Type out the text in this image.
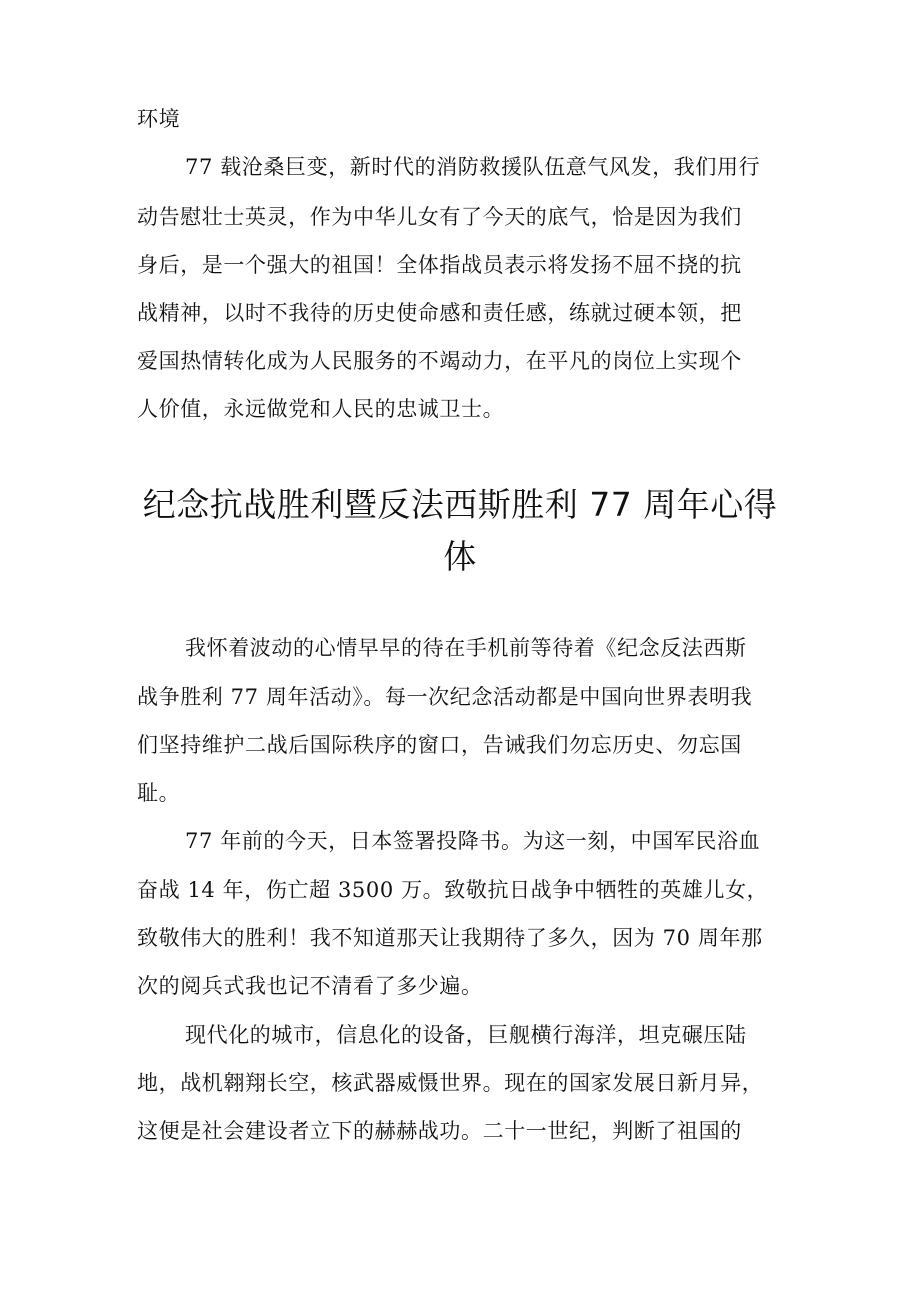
环境
77 载沧桑巨变，新时代的消防救援队伍意气风发，我们用行
动告慰壮士英灵，作为中华儿女有了今天的底气，恰是因为我们
身后，是一个强大的祖国！全体指战员表示将发扬不屈不挠的抗
战精神，以时不我待的历史使命感和责任感，练就过硬本领，把
爱国热情转化成为人民服务的不竭动力，在平凡的岗位上实现个
人价值，永远做党和人民的忠诚卫士。
纪念抗战胜利暨反法西斯胜利 77 周年心得
体
我怀着波动的心情早早的待在手机前等待着《纪念反法西斯
战争胜利 77 周年活动》。每一次纪念活动都是中国向世界表明我
们坚持维护二战后国际秩序的窗口，告诫我们勿忘历史、勿忘国
耻。
77 年前的今天，日本签署投降书。为这一刻，中国军民浴血
奋战 14 年，伤亡超 3500 万。致敬抗日战争中牺牲的英雄儿女，
致敬伟大的胜利！我不知道那天让我期待了多久，因为 70 周年那
次的阅兵式我也记不清看了多少遍。
现代化的城市，信息化的设备，巨舰横行海洋，坦克碾压陆
地，战机翱翔长空，核武器威慑世界。现在的国家发展日新月异，
这便是社会建设者立下的赫赫战功。二十一世纪，判断了祖国的
